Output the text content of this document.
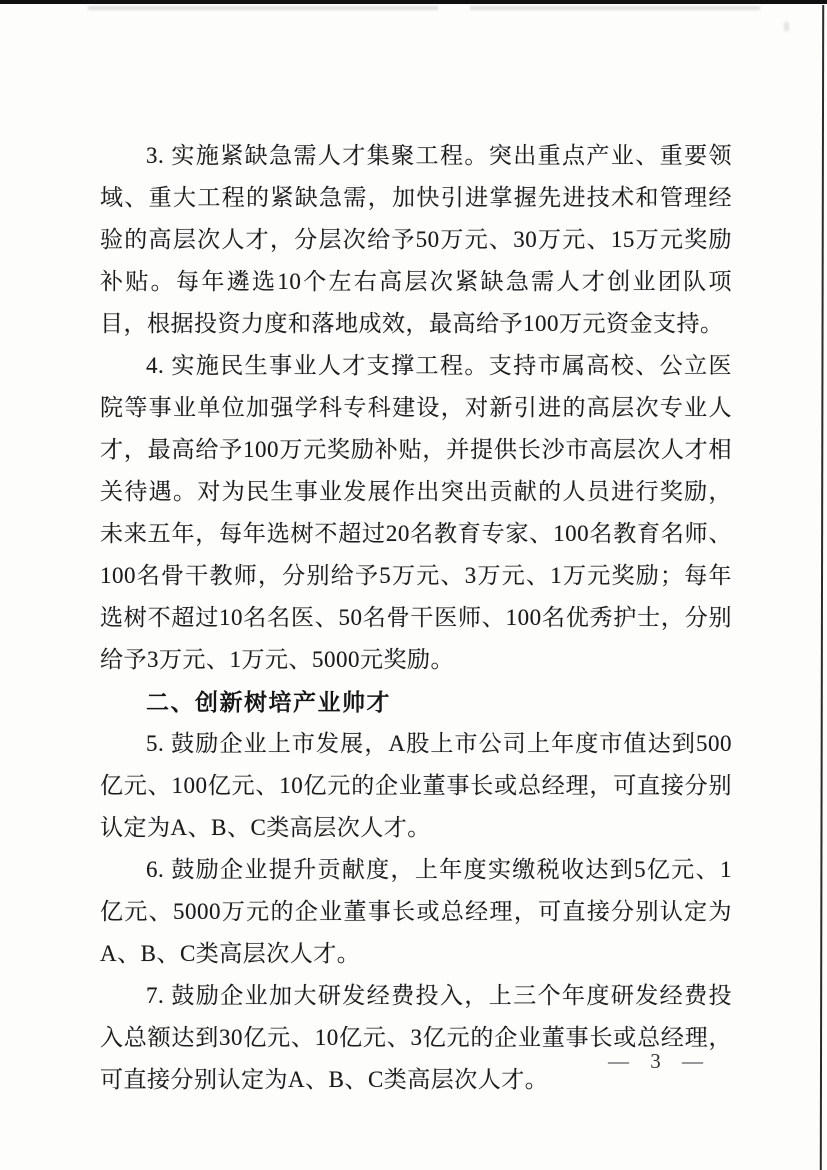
3. 实施紧缺急需人才集聚工程。突出重点产业、重要领域、重大工程的紧缺急需，加快引进掌握先进技术和管理经验的高层次人才，分层次给予50万元、30万元、15万元奖励补贴。每年遴选10个左右高层次紧缺急需人才创业团队项目，根据投资力度和落地成效，最高给予100万元资金支持。

4. 实施民生事业人才支撑工程。支持市属高校、公立医院等事业单位加强学科专科建设，对新引进的高层次专业人才，最高给予100万元奖励补贴，并提供长沙市高层次人才相关待遇。对为民生事业发展作出突出贡献的人员进行奖励，未来五年，每年选树不超过20名教育专家、100名教育名师、100名骨干教师，分别给予5万元、3万元、1万元奖励；每年选树不超过10名名医、50名骨干医师、100名优秀护士，分别给予3万元、1万元、5000元奖励。

二、创新树培产业帅才

5. 鼓励企业上市发展，A股上市公司上年度市值达到500亿元、100亿元、10亿元的企业董事长或总经理，可直接分别认定为A、B、C类高层次人才。

6. 鼓励企业提升贡献度，上年度实缴税收达到5亿元、1亿元、5000万元的企业董事长或总经理，可直接分别认定为A、B、C类高层次人才。

7. 鼓励企业加大研发经费投入，上三个年度研发经费投入总额达到30亿元、10亿元、3亿元的企业董事长或总经理，可直接分别认定为A、B、C类高层次人才。

— 3 —
